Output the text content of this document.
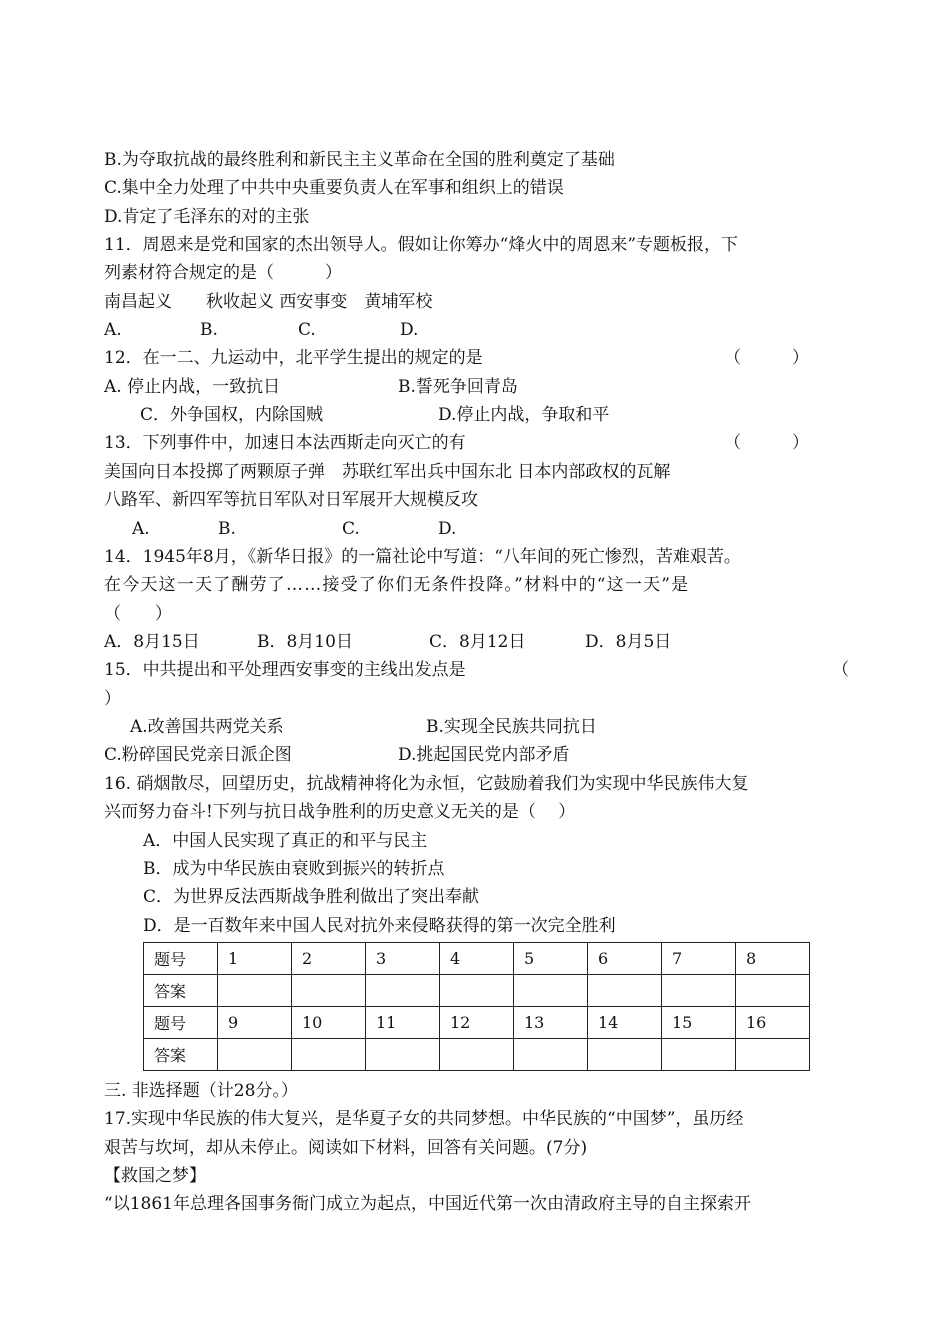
B.为夺取抗战的最终胜利和新民主主义革命在全国的胜利奠定了基础
C.集中全力处理了中共中央重要负责人在军事和组织上的错误
D.肯定了毛泽东的对的主张
11．周恩来是党和国家的杰出领导人。假如让你筹办“烽火中的周恩来”专题板报，下
列素材符合规定的是（　　　）
南昌起义　　秋收起义 西安事变　黄埔军校
A.	B.	C.	D.
12．在一二、九运动中，北平学生提出的规定的是	（　　　）
A. 停止内战，一致抗日	B.誓死争回青岛
C．外争国权，内除国贼	D.停止内战，争取和平
13．下列事件中，加速日本法西斯走向灭亡的有	（　　　）
美国向日本投掷了两颗原子弹　苏联红军出兵中国东北 日本内部政权的瓦解
八路军、新四军等抗日军队对日军展开大规模反攻
A.	B.	C.	D.
14．1945年8月，《新华日报》的一篇社论中写道：“八年间的死亡惨烈，苦难艰苦。
在今天这一天了酬劳了……接受了你们无条件投降。”材料中的“这一天”是
（　　）
A．8月15日	B．8月10日	C．8月12日	D．8月5日
15．中共提出和平处理西安事变的主线出发点是	（
）
A.改善国共两党关系	B.实现全民族共同抗日
C.粉碎国民党亲日派企图	D.挑起国民党内部矛盾
16. 硝烟散尽，回望历史，抗战精神将化为永恒，它鼓励着我们为实现中华民族伟大复
兴而努力奋斗!下列与抗日战争胜利的历史意义无关的是（　 ）
A．中国人民实现了真正的和平与民主
B．成为中华民族由衰败到振兴的转折点
C．为世界反法西斯战争胜利做出了突出奉献
D．是一百数年来中国人民对抗外来侵略获得的第一次完全胜利
题号	1	2	3	4	5	6	7	8
答案								
题号	9	10	11	12	13	14	15	16
答案								
三. 非选择题（计28分。）
17.实现中华民族的伟大复兴，是华夏子女的共同梦想。中华民族的“中国梦”，虽历经
艰苦与坎坷，却从未停止。阅读如下材料，回答有关问题。(7分)
【救国之梦】
“以1861年总理各国事务衙门成立为起点，中国近代第一次由清政府主导的自主探索开
